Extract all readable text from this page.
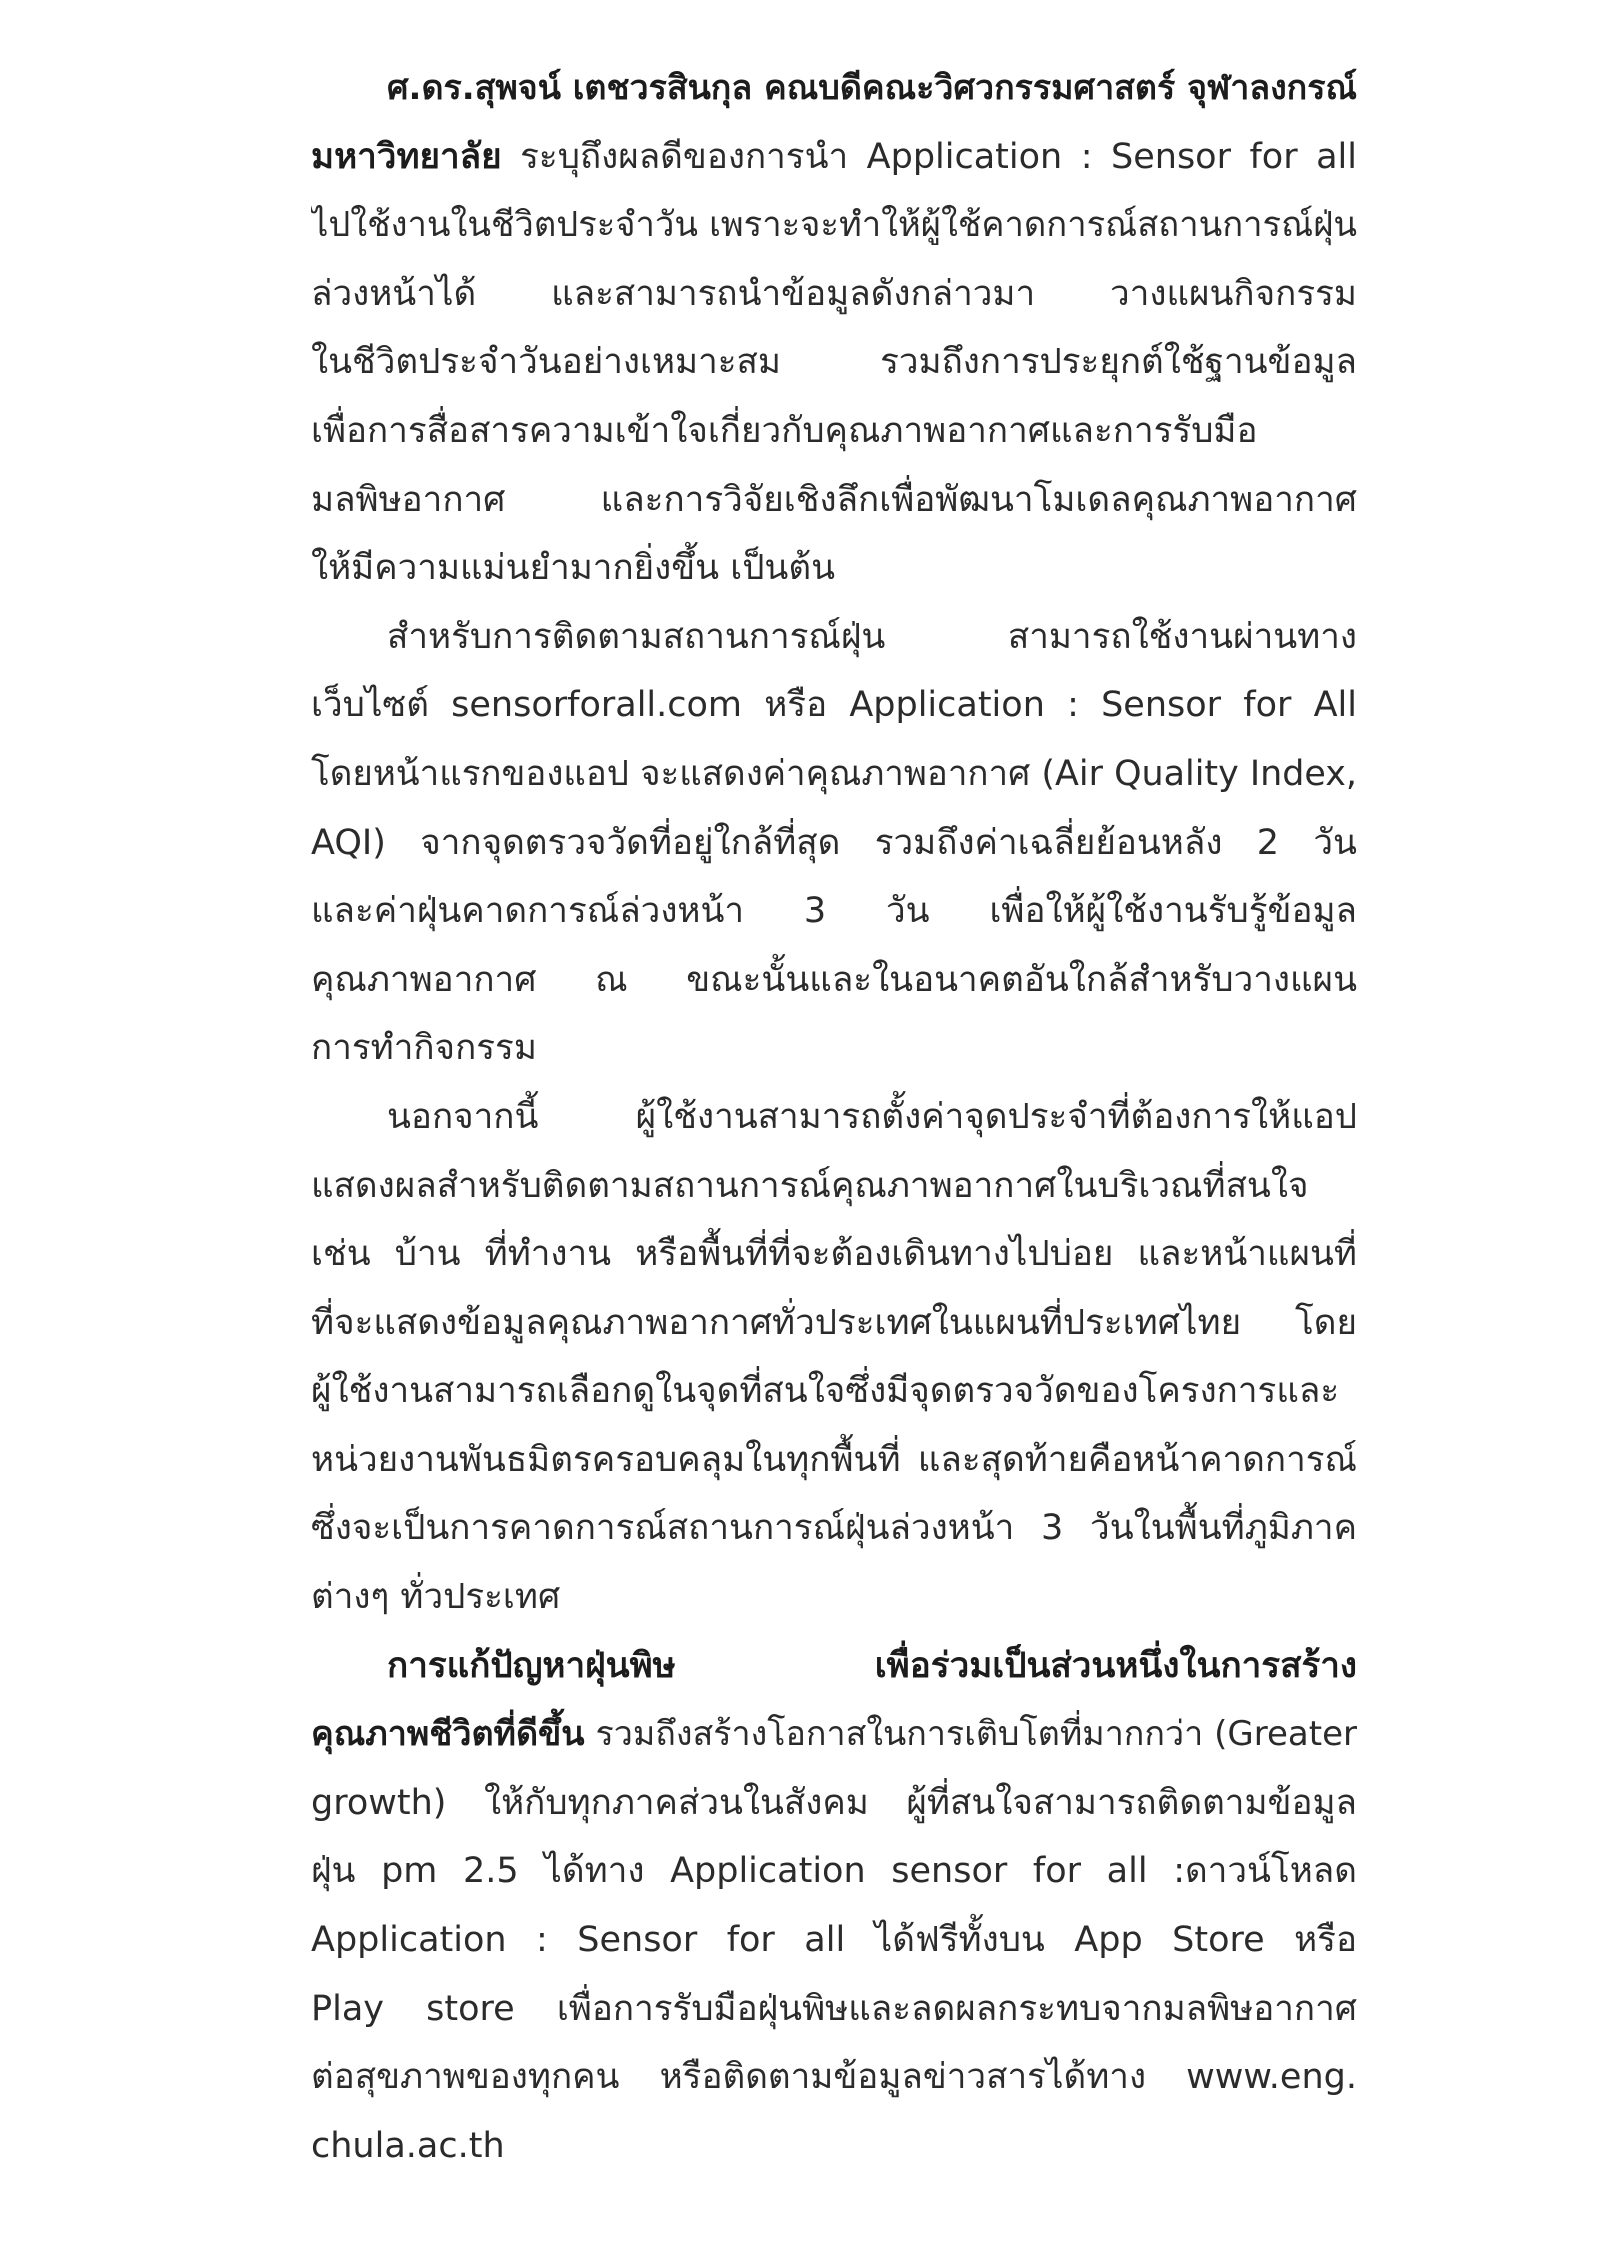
ศ.ดร.สุพจน์ เตชวรสินกุล คณบดีคณะวิศวกรรมศาสตร์ จุฬาลงกรณ์
มหาวิทยาลัย ระบุถึงผลดีของการนำ Application : Sensor for all
ไปใช้งานในชีวิตประจำวัน เพราะจะทำให้ผู้ใช้คาดการณ์สถานการณ์ฝุ่น
ล่วงหน้าได้ และสามารถนำข้อมูลดังกล่าวมา วางแผนกิจกรรม
ในชีวิตประจำวันอย่างเหมาะสม รวมถึงการประยุกต์ใช้ฐานข้อมูล
เพื่อการสื่อสารความเข้าใจเกี่ยวกับคุณภาพอากาศและการรับมือ
มลพิษอากาศ และการวิจัยเชิงลึกเพื่อพัฒนาโมเดลคุณภาพอากาศ
ให้มีความแม่นยำมากยิ่งขึ้น เป็นต้น
สำหรับการติดตามสถานการณ์ฝุ่น สามารถใช้งานผ่านทาง
เว็บไซต์ sensorforall.com หรือ Application : Sensor for All
โดยหน้าแรกของแอป จะแสดงค่าคุณภาพอากาศ (Air Quality Index,
AQI) จากจุดตรวจวัดที่อยู่ใกล้ที่สุด รวมถึงค่าเฉลี่ยย้อนหลัง 2 วัน
และค่าฝุ่นคาดการณ์ล่วงหน้า 3 วัน เพื่อให้ผู้ใช้งานรับรู้ข้อมูล
คุณภาพอากาศ ณ ขณะนั้นและในอนาคตอันใกล้สำหรับวางแผน
การทำกิจกรรม
นอกจากนี้ ผู้ใช้งานสามารถตั้งค่าจุดประจำที่ต้องการให้แอป
แสดงผลสำหรับติดตามสถานการณ์คุณภาพอากาศในบริเวณที่สนใจ
เช่น บ้าน ที่ทำงาน หรือพื้นที่ที่จะต้องเดินทางไปบ่อย และหน้าแผนที่
ที่จะแสดงข้อมูลคุณภาพอากาศทั่วประเทศในแผนที่ประเทศไทย โดย
ผู้ใช้งานสามารถเลือกดูในจุดที่สนใจซึ่งมีจุดตรวจวัดของโครงการและ
หน่วยงานพันธมิตรครอบคลุมในทุกพื้นที่ และสุดท้ายคือหน้าคาดการณ์
ซึ่งจะเป็นการคาดการณ์สถานการณ์ฝุ่นล่วงหน้า 3 วันในพื้นที่ภูมิภาค
ต่างๆ ทั่วประเทศ
การแก้ปัญหาฝุ่นพิษ เพื่อร่วมเป็นส่วนหนึ่งในการสร้าง
คุณภาพชีวิตที่ดีขึ้น รวมถึงสร้างโอกาสในการเติบโตที่มากกว่า (Greater
growth) ให้กับทุกภาคส่วนในสังคม ผู้ที่สนใจสามารถติดตามข้อมูล
ฝุ่น pm 2.5 ได้ทาง Application sensor for all :ดาวน์โหลด
Application : Sensor for all ได้ฟรีทั้งบน App Store หรือ
Play store เพื่อการรับมือฝุ่นพิษและลดผลกระทบจากมลพิษอากาศ
ต่อสุขภาพของทุกคน หรือติดตามข้อมูลข่าวสารได้ทาง www.eng.
chula.ac.th
